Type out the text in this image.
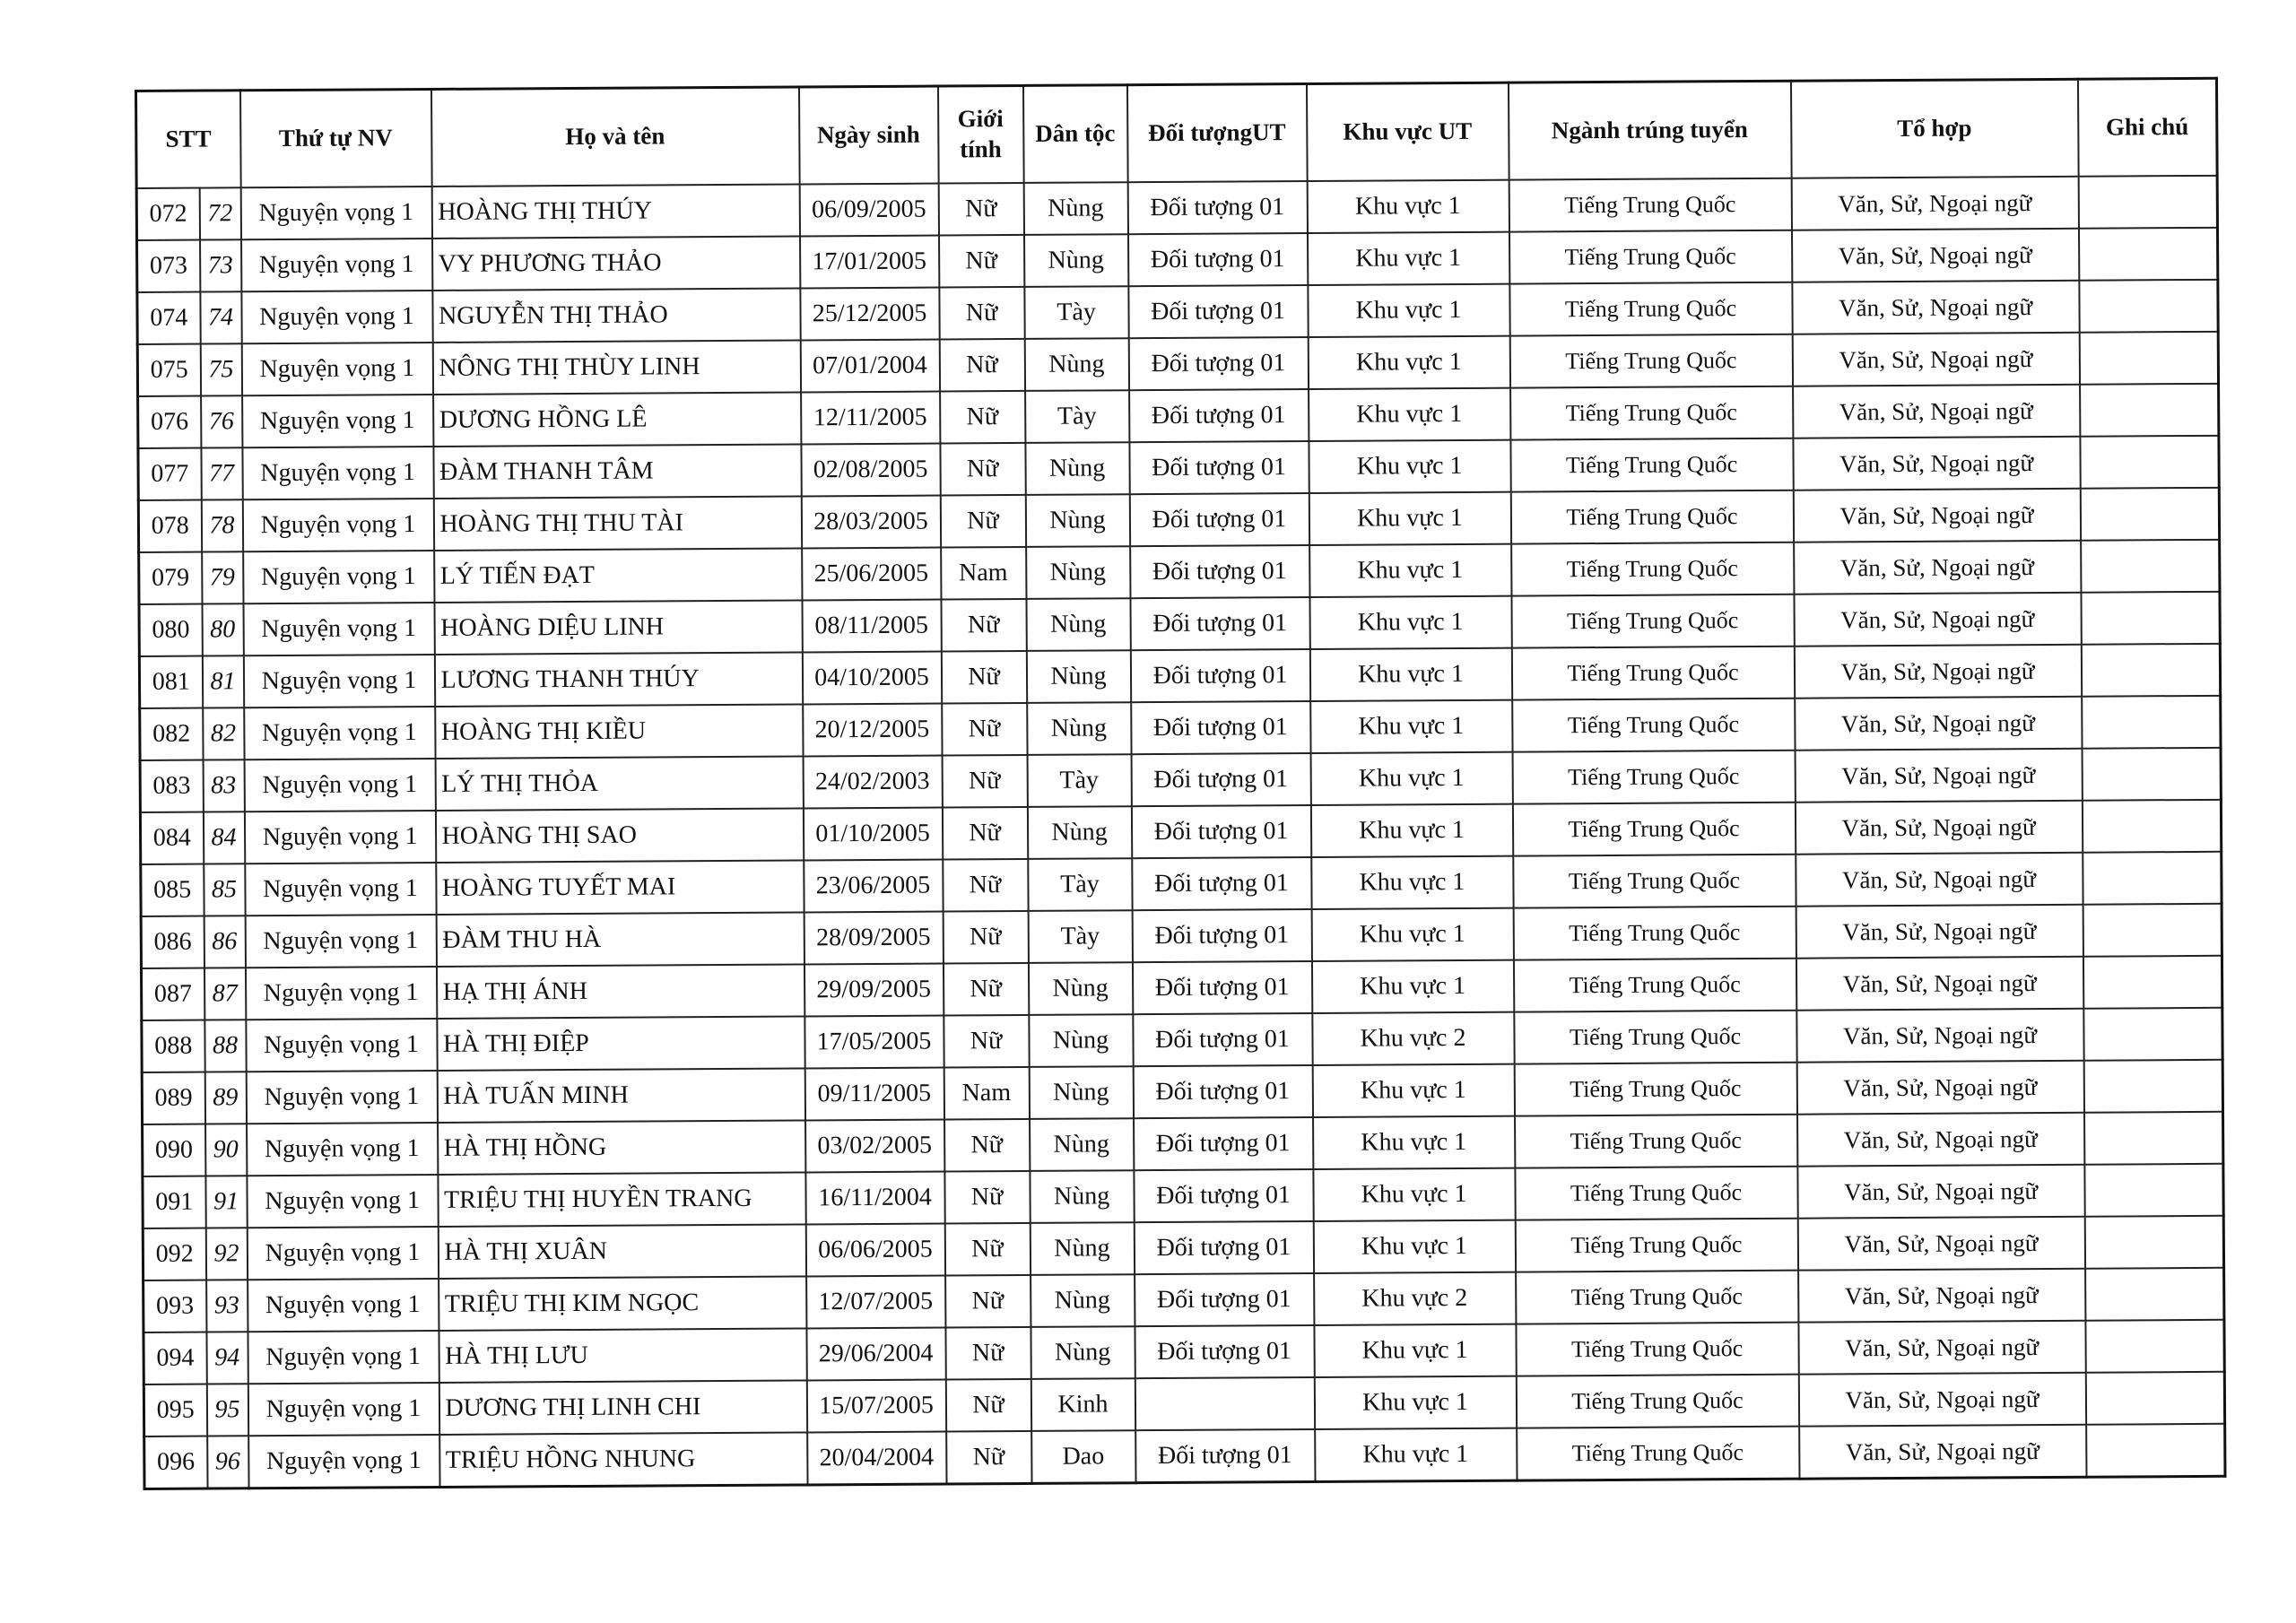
STT		Thứ tự NV	Họ và tên	Ngày sinh	Giới tính	Dân tộc	Đối tượngUT	Khu vực UT	Ngành trúng tuyển	Tổ hợp	Ghi chú
072	72	Nguyện vọng 1	HOÀNG THỊ THÚY	06/09/2005	Nữ	Nùng	Đối tượng 01	Khu vực 1	Tiếng Trung Quốc	Văn, Sử, Ngoại ngữ	
073	73	Nguyện vọng 1	VY PHƯƠNG THẢO	17/01/2005	Nữ	Nùng	Đối tượng 01	Khu vực 1	Tiếng Trung Quốc	Văn, Sử, Ngoại ngữ	
074	74	Nguyện vọng 1	NGUYỄN THỊ THẢO	25/12/2005	Nữ	Tày	Đối tượng 01	Khu vực 1	Tiếng Trung Quốc	Văn, Sử, Ngoại ngữ	
075	75	Nguyện vọng 1	NÔNG THỊ THÙY LINH	07/01/2004	Nữ	Nùng	Đối tượng 01	Khu vực 1	Tiếng Trung Quốc	Văn, Sử, Ngoại ngữ	
076	76	Nguyện vọng 1	DƯƠNG HỒNG LÊ	12/11/2005	Nữ	Tày	Đối tượng 01	Khu vực 1	Tiếng Trung Quốc	Văn, Sử, Ngoại ngữ	
077	77	Nguyện vọng 1	ĐÀM THANH TÂM	02/08/2005	Nữ	Nùng	Đối tượng 01	Khu vực 1	Tiếng Trung Quốc	Văn, Sử, Ngoại ngữ	
078	78	Nguyện vọng 1	HOÀNG THỊ THU TÀI	28/03/2005	Nữ	Nùng	Đối tượng 01	Khu vực 1	Tiếng Trung Quốc	Văn, Sử, Ngoại ngữ	
079	79	Nguyện vọng 1	LÝ TIẾN ĐẠT	25/06/2005	Nam	Nùng	Đối tượng 01	Khu vực 1	Tiếng Trung Quốc	Văn, Sử, Ngoại ngữ	
080	80	Nguyện vọng 1	HOÀNG DIỆU LINH	08/11/2005	Nữ	Nùng	Đối tượng 01	Khu vực 1	Tiếng Trung Quốc	Văn, Sử, Ngoại ngữ	
081	81	Nguyện vọng 1	LƯƠNG THANH THÚY	04/10/2005	Nữ	Nùng	Đối tượng 01	Khu vực 1	Tiếng Trung Quốc	Văn, Sử, Ngoại ngữ	
082	82	Nguyện vọng 1	HOÀNG THỊ KIỀU	20/12/2005	Nữ	Nùng	Đối tượng 01	Khu vực 1	Tiếng Trung Quốc	Văn, Sử, Ngoại ngữ	
083	83	Nguyện vọng 1	LÝ THỊ THỎA	24/02/2003	Nữ	Tày	Đối tượng 01	Khu vực 1	Tiếng Trung Quốc	Văn, Sử, Ngoại ngữ	
084	84	Nguyện vọng 1	HOÀNG THỊ SAO	01/10/2005	Nữ	Nùng	Đối tượng 01	Khu vực 1	Tiếng Trung Quốc	Văn, Sử, Ngoại ngữ	
085	85	Nguyện vọng 1	HOÀNG TUYẾT MAI	23/06/2005	Nữ	Tày	Đối tượng 01	Khu vực 1	Tiếng Trung Quốc	Văn, Sử, Ngoại ngữ	
086	86	Nguyện vọng 1	ĐÀM THU HÀ	28/09/2005	Nữ	Tày	Đối tượng 01	Khu vực 1	Tiếng Trung Quốc	Văn, Sử, Ngoại ngữ	
087	87	Nguyện vọng 1	HẠ THỊ ÁNH	29/09/2005	Nữ	Nùng	Đối tượng 01	Khu vực 1	Tiếng Trung Quốc	Văn, Sử, Ngoại ngữ	
088	88	Nguyện vọng 1	HÀ THỊ ĐIỆP	17/05/2005	Nữ	Nùng	Đối tượng 01	Khu vực 2	Tiếng Trung Quốc	Văn, Sử, Ngoại ngữ	
089	89	Nguyện vọng 1	HÀ TUẤN MINH	09/11/2005	Nam	Nùng	Đối tượng 01	Khu vực 1	Tiếng Trung Quốc	Văn, Sử, Ngoại ngữ	
090	90	Nguyện vọng 1	HÀ THỊ HỒNG	03/02/2005	Nữ	Nùng	Đối tượng 01	Khu vực 1	Tiếng Trung Quốc	Văn, Sử, Ngoại ngữ	
091	91	Nguyện vọng 1	TRIỆU THỊ HUYỀN TRANG	16/11/2004	Nữ	Nùng	Đối tượng 01	Khu vực 1	Tiếng Trung Quốc	Văn, Sử, Ngoại ngữ	
092	92	Nguyện vọng 1	HÀ THỊ XUÂN	06/06/2005	Nữ	Nùng	Đối tượng 01	Khu vực 1	Tiếng Trung Quốc	Văn, Sử, Ngoại ngữ	
093	93	Nguyện vọng 1	TRIỆU THỊ KIM NGỌC	12/07/2005	Nữ	Nùng	Đối tượng 01	Khu vực 2	Tiếng Trung Quốc	Văn, Sử, Ngoại ngữ	
094	94	Nguyện vọng 1	HÀ THỊ LƯU	29/06/2004	Nữ	Nùng	Đối tượng 01	Khu vực 1	Tiếng Trung Quốc	Văn, Sử, Ngoại ngữ	
095	95	Nguyện vọng 1	DƯƠNG THỊ LINH CHI	15/07/2005	Nữ	Kinh		Khu vực 1	Tiếng Trung Quốc	Văn, Sử, Ngoại ngữ	
096	96	Nguyện vọng 1	TRIỆU HỒNG NHUNG	20/04/2004	Nữ	Dao	Đối tượng 01	Khu vực 1	Tiếng Trung Quốc	Văn, Sử, Ngoại ngữ	
